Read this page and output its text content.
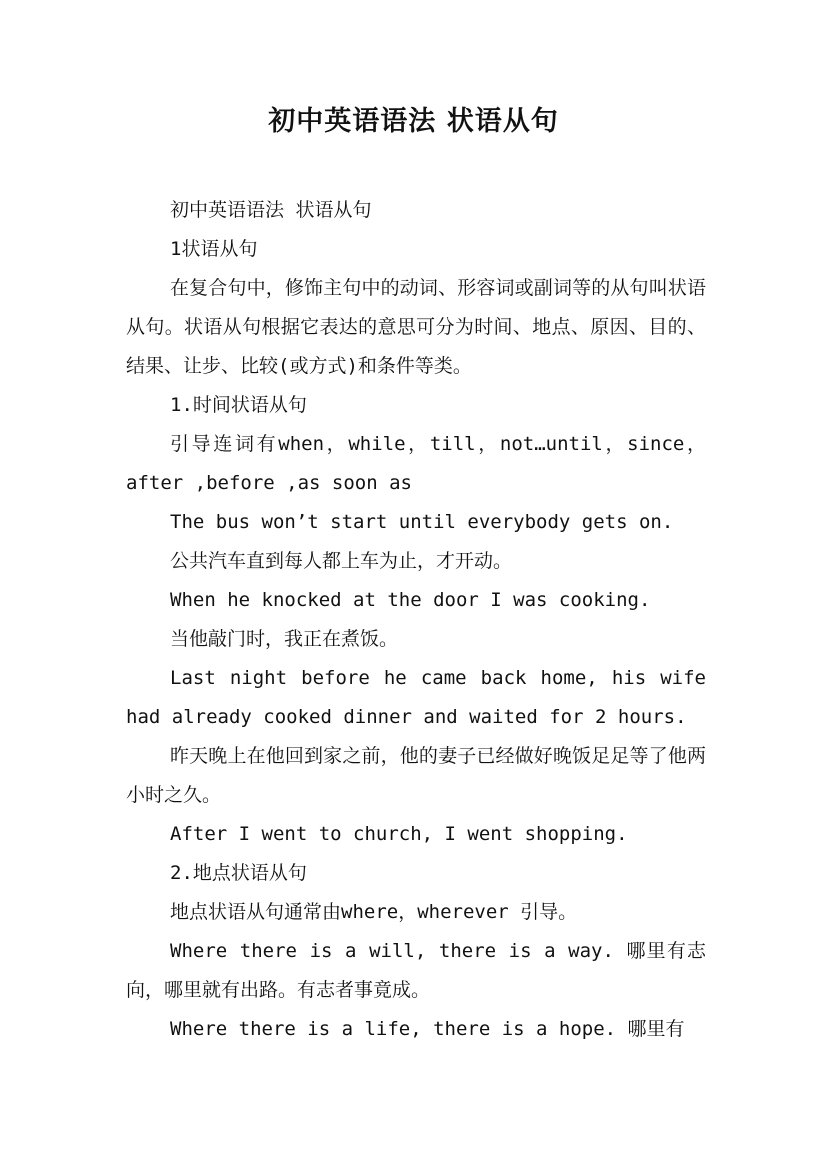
初中英语语法 状语从句

初中英语语法 状语从句

1状语从句

在复合句中，修饰主句中的动词、形容词或副词等的从句叫状语从句。状语从句根据它表达的意思可分为时间、地点、原因、目的、结果、让步、比较(或方式)和条件等类。

1.时间状语从句

引导连词有when，while，till，not…until，since，after ,before ,as soon as

The bus won’t start until everybody gets on.

公共汽车直到每人都上车为止，才开动。

When he knocked at the door I was cooking.

当他敲门时，我正在煮饭。

Last night before he came back home, his wife had already cooked dinner and waited for 2 hours.

昨天晚上在他回到家之前，他的妻子已经做好晚饭足足等了他两小时之久。

After I went to church, I went shopping.

2.地点状语从句

地点状语从句通常由where，wherever 引导。

Where there is a will, there is a way. 哪里有志向，哪里就有出路。有志者事竟成。

Where there is a life, there is a hope. 哪里有
